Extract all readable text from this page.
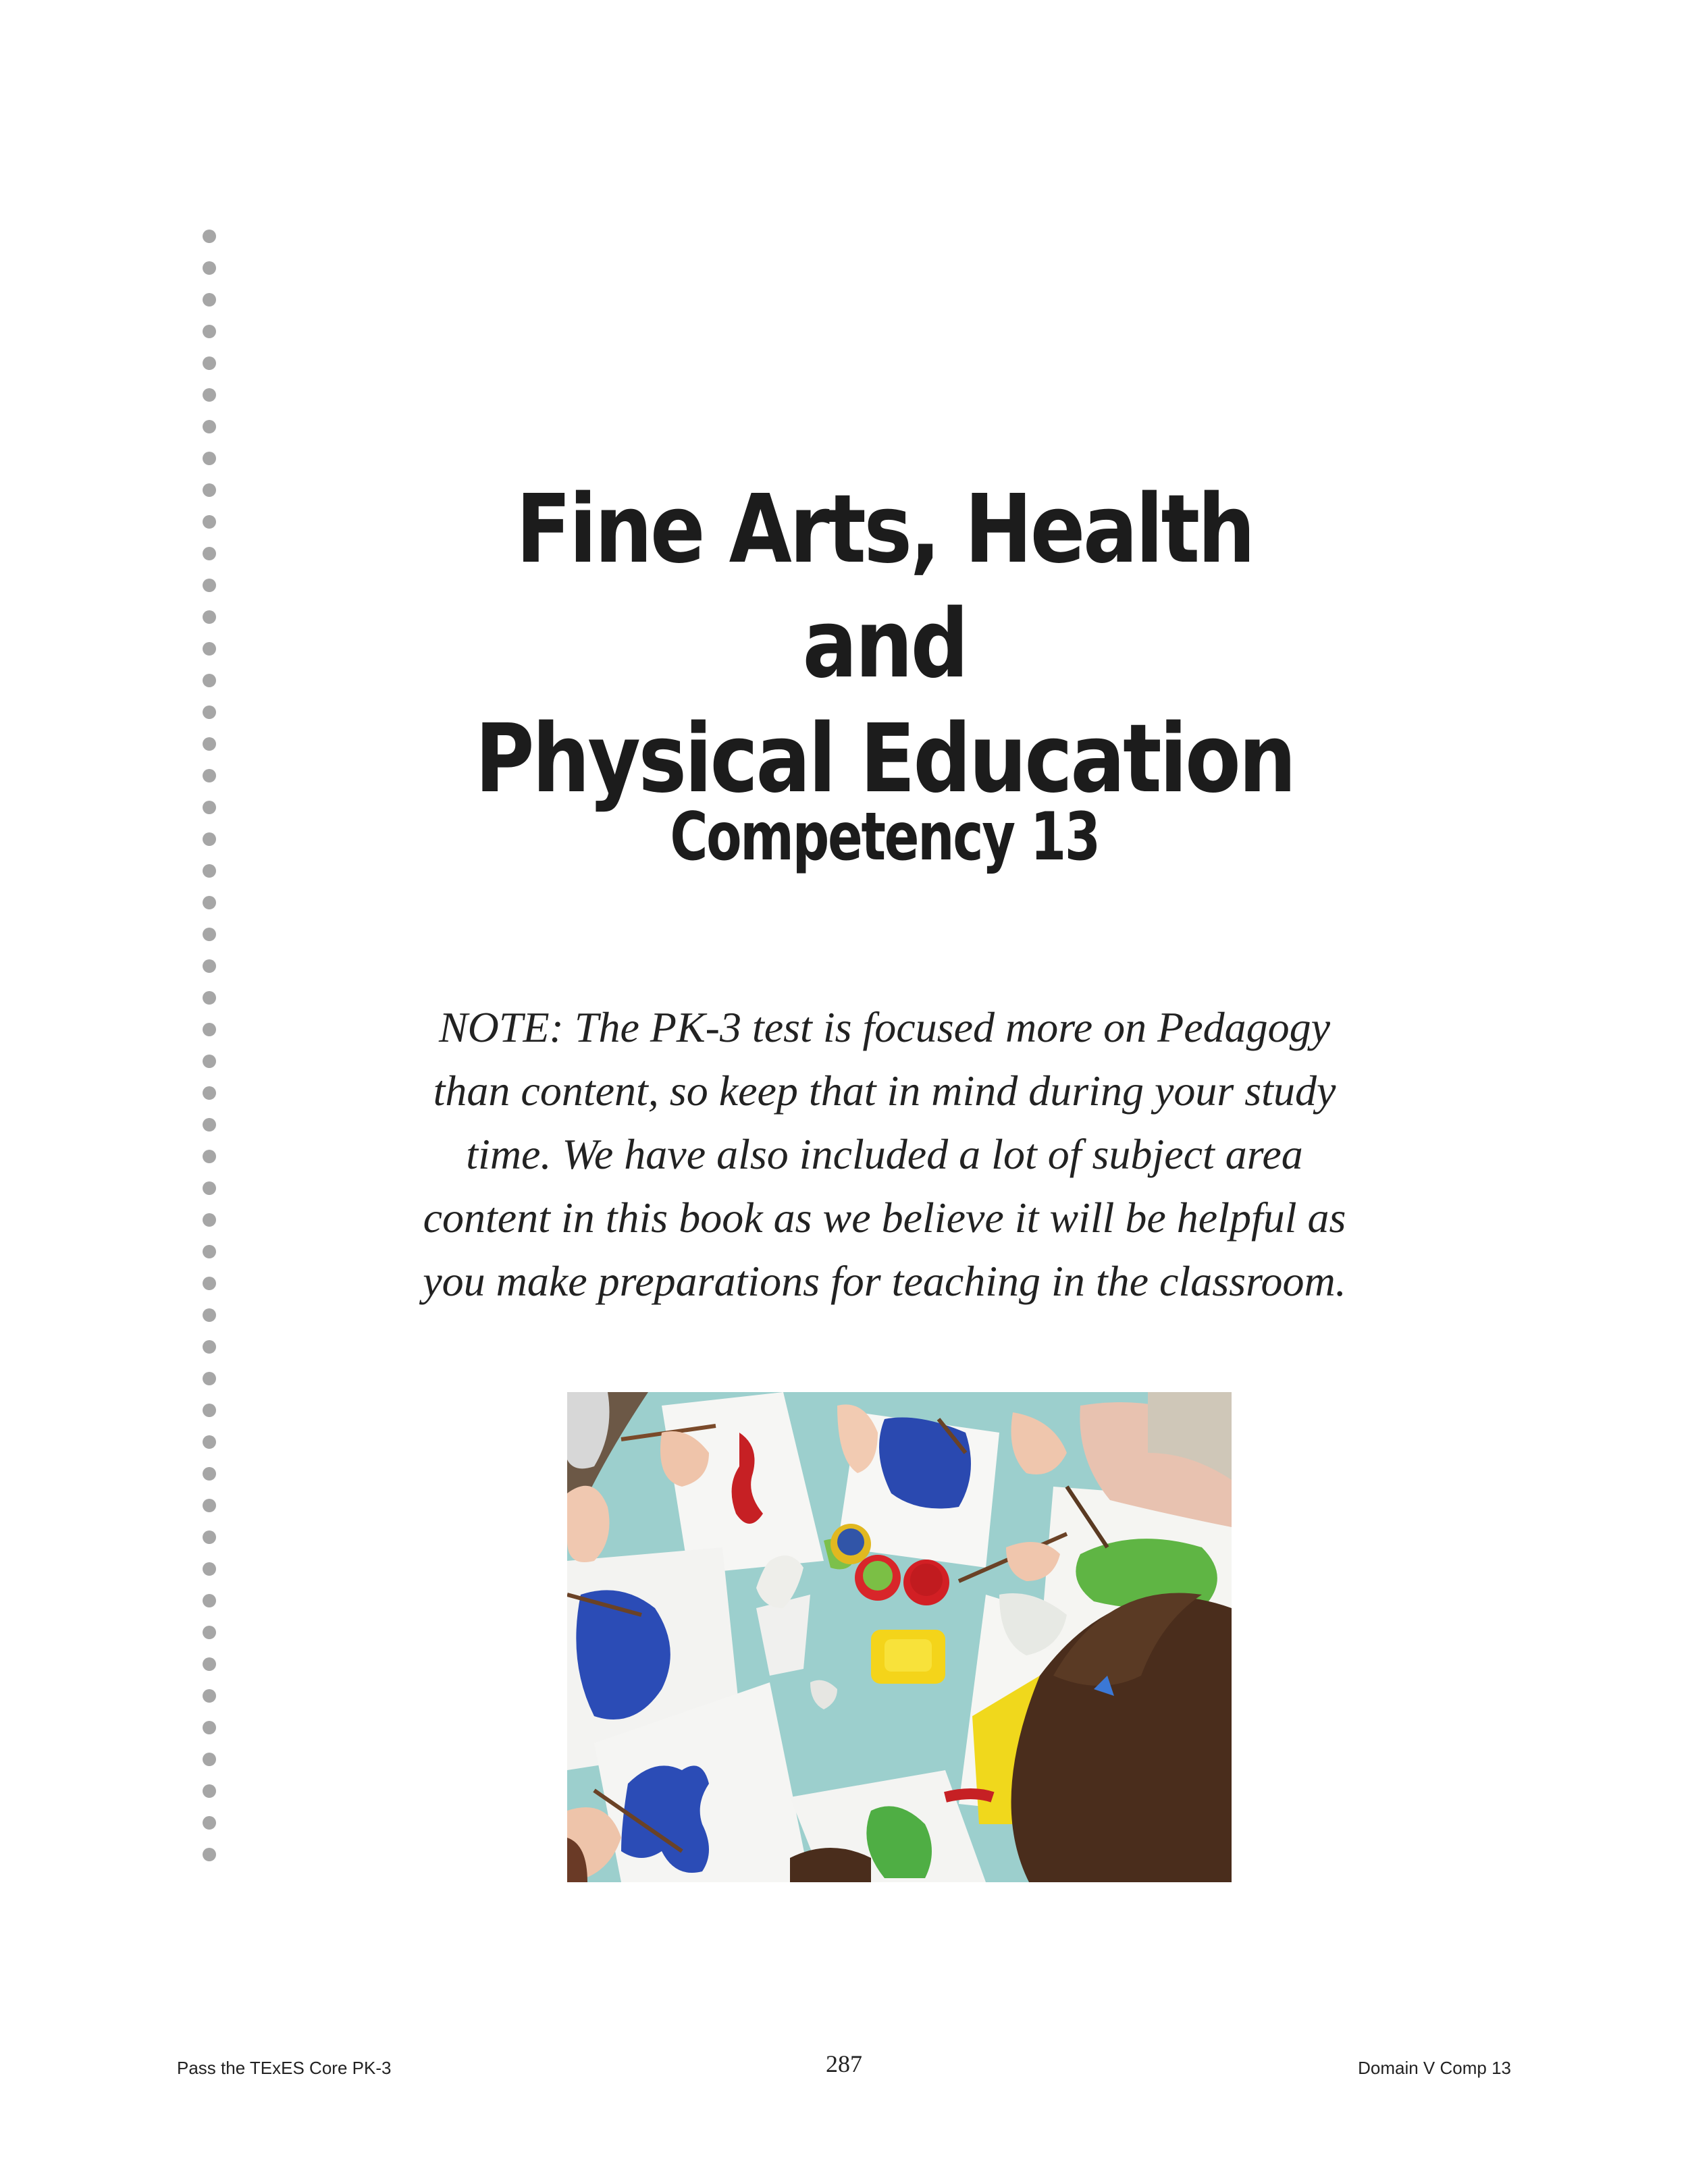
Fine Arts, Health and
Physical Education
Competency 13
NOTE: The PK-3 test is focused more on Pedagogy
than content, so keep that in mind during your study
time. We have also included a lot of subject area
content in this book as we believe it will be helpful as
you make preparations for teaching in the classroom.
Pass the TExES Core PK-3	287	Domain V Comp 13
